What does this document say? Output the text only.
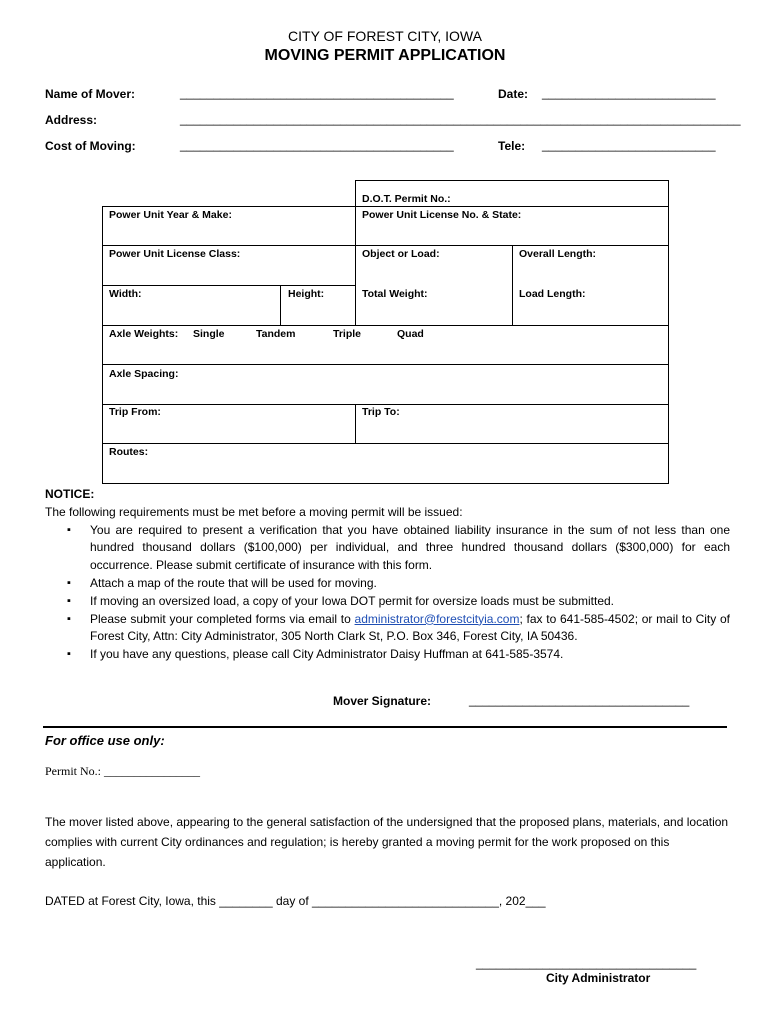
CITY OF FOREST CITY, IOWA
MOVING PERMIT APPLICATION
Name of Mover:	_________________________________________	Date: __________________________
Address:	____________________________________________________________________________________
Cost of Moving:	_________________________________________	Tele: __________________________
D.O.T. Permit No.:
Power Unit Year & Make:	Power Unit License No. & State:
Power Unit License Class:	Object or Load:	Overall Length:
Width:	Height:	Total Weight:	Load Length:
Axle Weights: Single	Tandem	Triple	Quad
Axle Spacing:
Trip From:	Trip To:
Routes:
NOTICE:
The following requirements must be met before a moving permit will be issued:
▪ You are required to present a verification that you have obtained liability insurance in the sum of not less than one hundred thousand dollars ($100,000) per individual, and three hundred thousand dollars ($300,000) for each occurrence. Please submit certificate of insurance with this form.
▪ Attach a map of the route that will be used for moving.
▪ If moving an oversized load, a copy of your Iowa DOT permit for oversize loads must be submitted.
▪ Please submit your completed forms via email to administrator@forestcityia.com; fax to 641-585-4502; or mail to City of Forest City, Attn: City Administrator, 305 North Clark St, P.O. Box 346, Forest City, IA 50436.
▪ If you have any questions, please call City Administrator Daisy Huffman at 641-585-3574.
Mover Signature:	_________________________________
For office use only:
Permit No.: ________________
The mover listed above, appearing to the general satisfaction of the undersigned that the proposed plans, materials, and location complies with current City ordinances and regulation; is hereby granted a moving permit for the work proposed on this application.
DATED at Forest City, Iowa, this ________ day of ____________________________, 202___
_________________________________
City Administrator
